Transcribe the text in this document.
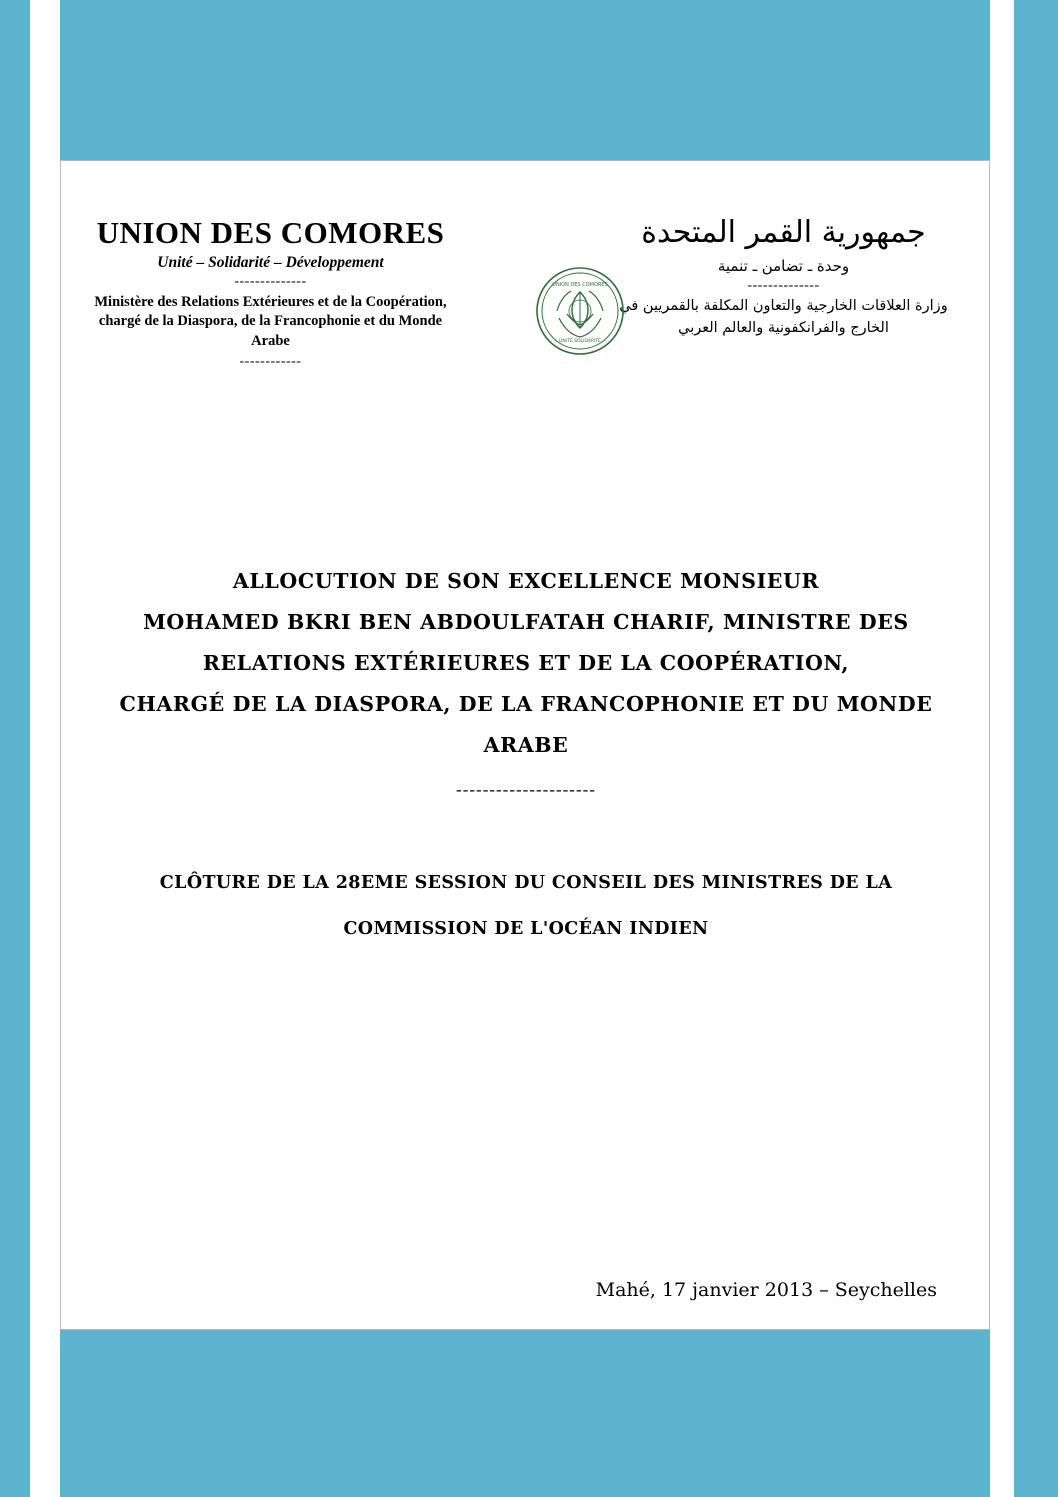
UNION DES COMORES
Unité – Solidarité – Développement
--------------
Ministère des Relations Extérieures et de la Coopération, chargé de la Diaspora, de la Francophonie et du Monde Arabe
------------
جمهورية القمر المتحدة
وحدة ـ تضامن ـ تنمية
--------------
وزارة العلاقات الخارجية والتعاون المكلفة بالقمريين في الخارج والفرانكفونية والعالم العربي
UNION DES COMORES
UNITÉ SOLIDARITÉ

ALLOCUTION DE SON EXCELLENCE MONSIEUR

MOHAMED BKRI BEN ABDOULFATAH CHARIF, MINISTRE DES

RELATIONS EXTÉRIEURES ET DE LA COOPÉRATION,

CHARGÉ DE LA DIASPORA, DE LA FRANCOPHONIE ET DU MONDE

ARABE

---------------------

CLÔTURE DE LA 28EME SESSION DU CONSEIL DES MINISTRES DE LA

COMMISSION DE L'OCÉAN INDIEN

Mahé, 17 janvier 2013 – Seychelles
